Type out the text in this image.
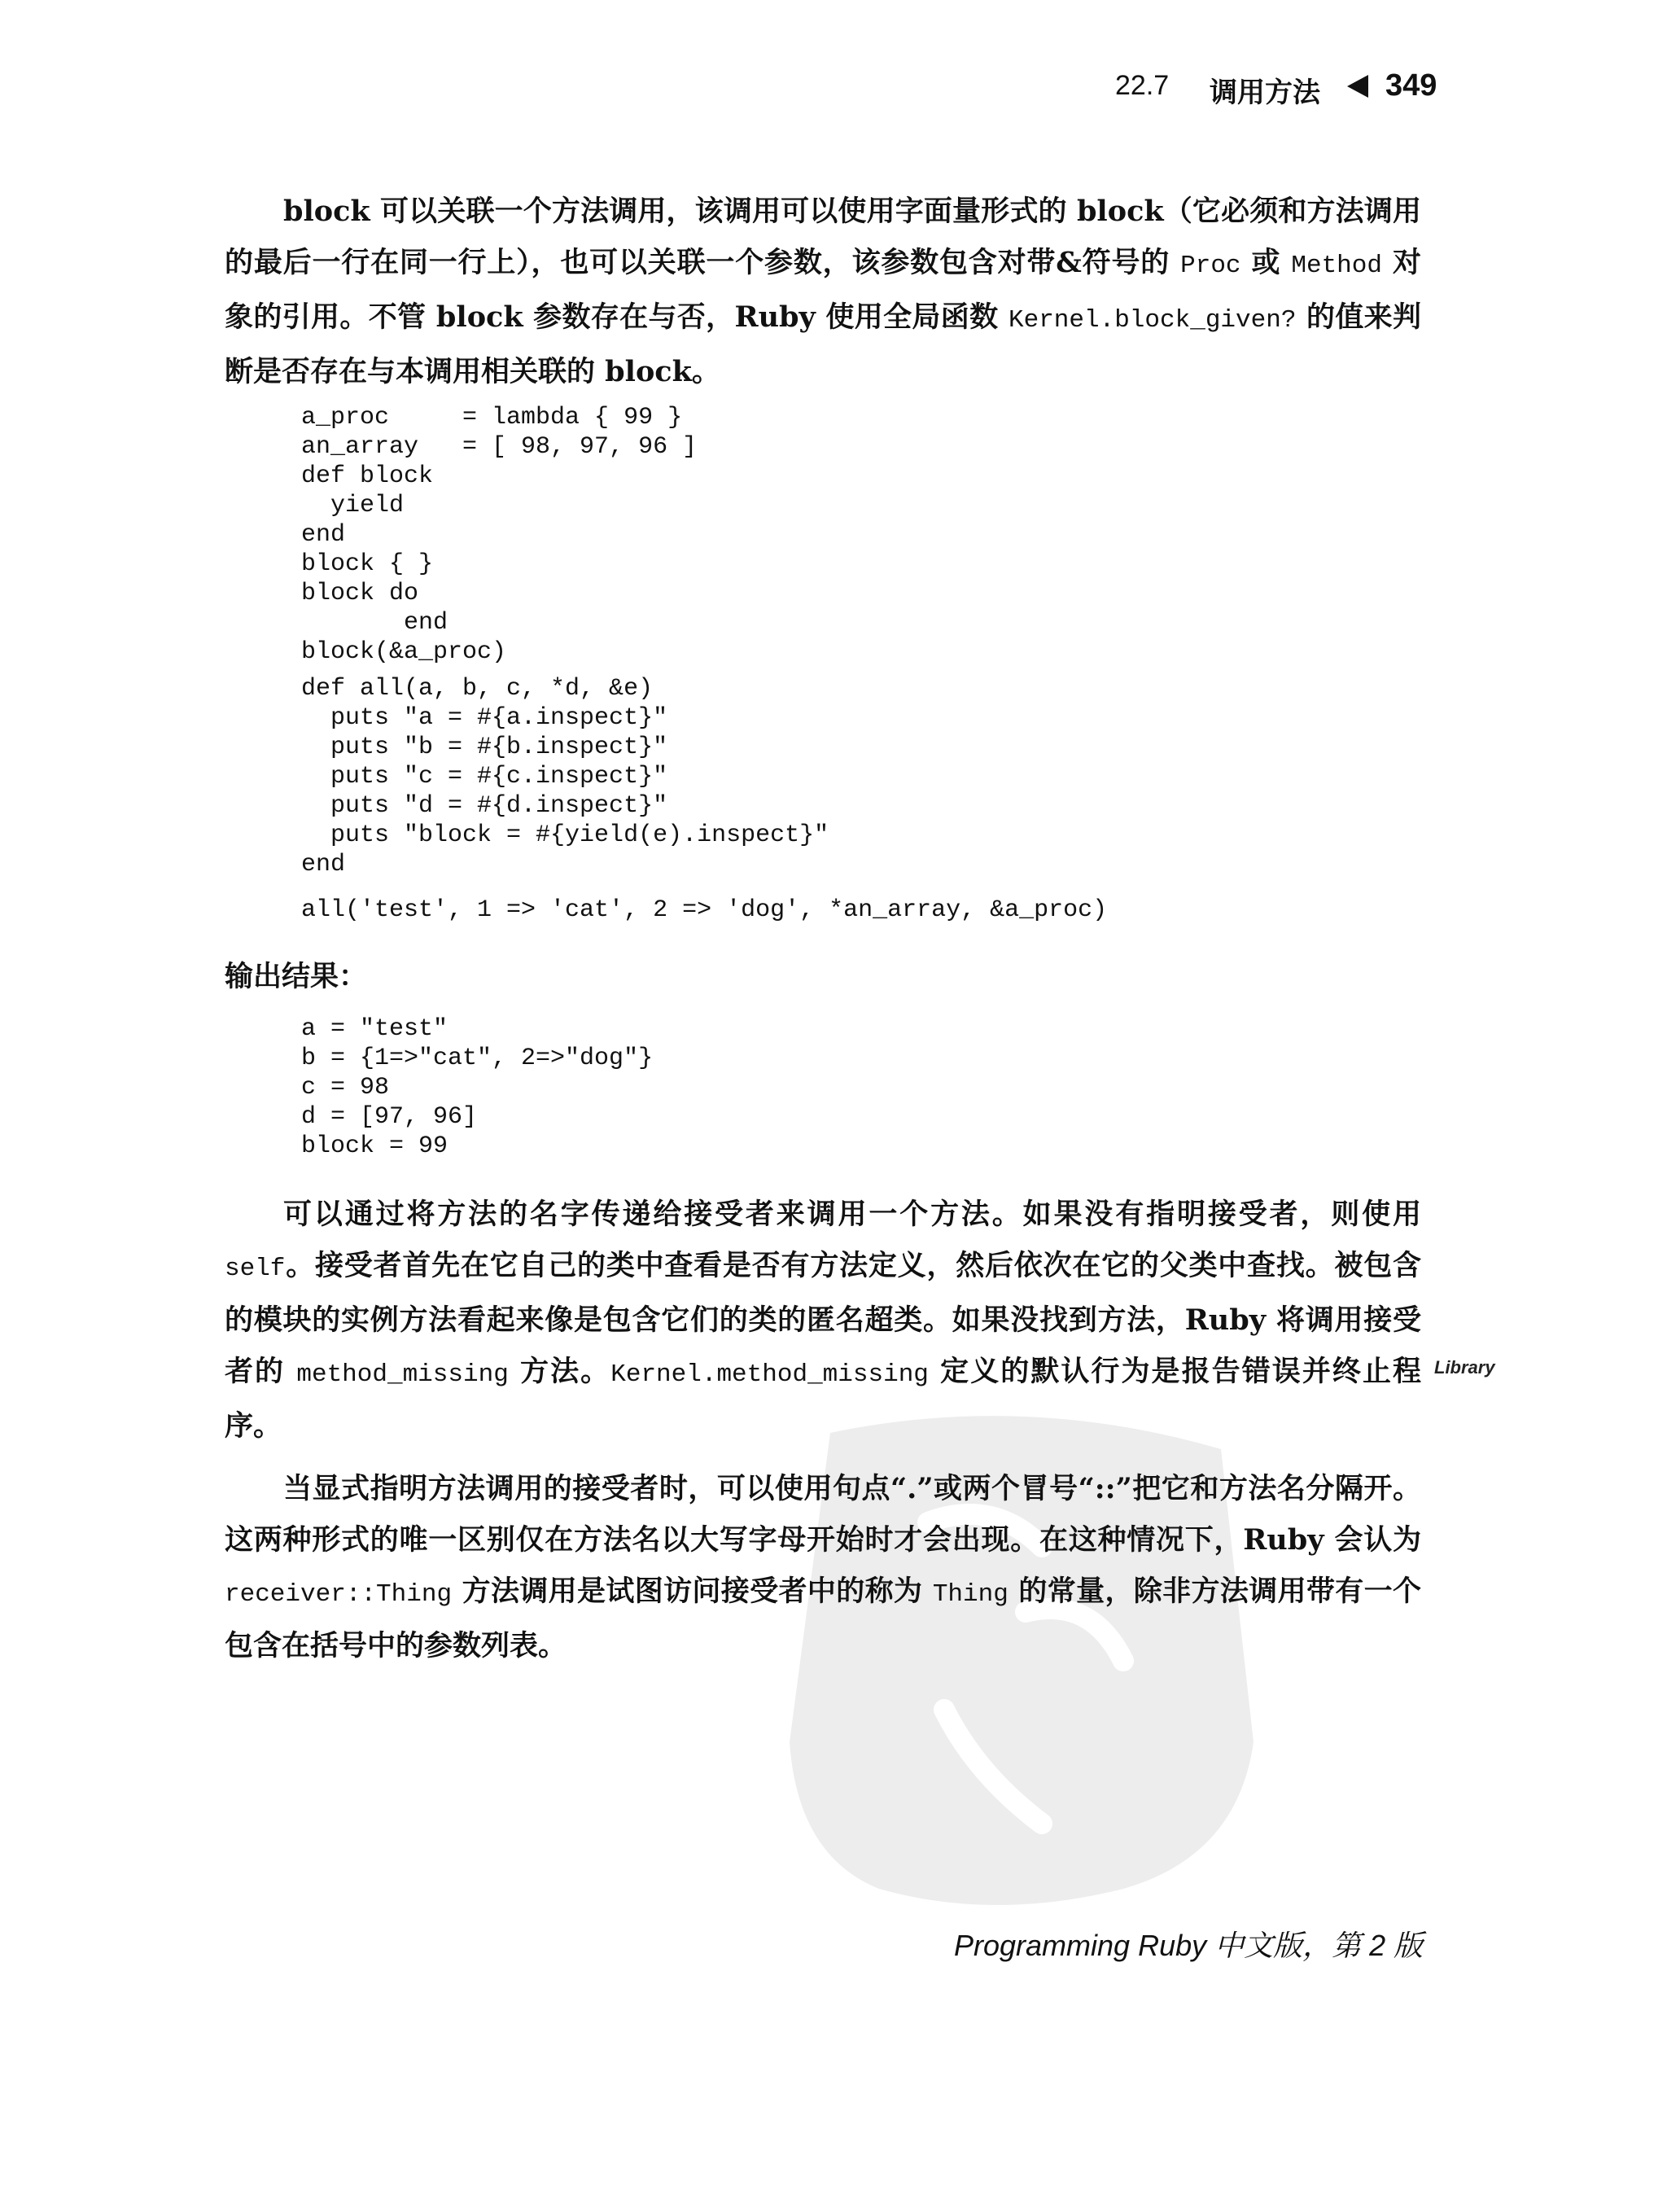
22.7 调用方法 349

block 可以关联一个方法调用，该调用可以使用字面量形式的 block（它必须和方法调用的最后一行在同一行上），也可以关联一个参数，该参数包含对带&符号的 Proc 或 Method 对象的引用。不管 block 参数存在与否，Ruby 使用全局函数 Kernel.block_given? 的值来判断是否存在与本调用相关联的 block。

a_proc     = lambda { 99 }
an_array   = [ 98, 97, 96 ]
def block
yield
end
block { }
block do
end
block(&a_proc)
def all(a, b, c, *d, &e)
puts "a = #{a.inspect}"
puts "b = #{b.inspect}"
puts "c = #{c.inspect}"
puts "d = #{d.inspect}"
puts "block = #{yield(e).inspect}"
end
all('test', 1 => 'cat', 2 => 'dog', *an_array, &a_proc)
输出结果：
a = "test"
b = {1=>"cat", 2=>"dog"}
c = 98
d = [97, 96]
block = 99

可以通过将方法的名字传递给接受者来调用一个方法。如果没有指明接受者，则使用 self。接受者首先在它自己的类中查看是否有方法定义，然后依次在它的父类中查找。被包含的模块的实例方法看起来像是包含它们的类的匿名超类。如果没找到方法，Ruby 将调用接受者的 method_missing 方法。Kernel.method_missing 定义的默认行为是报告错误并终止程序。

Library

当显式指明方法调用的接受者时，可以使用句点“.”或两个冒号“::”把它和方法名分隔开。这两种形式的唯一区别仅在方法名以大写字母开始时才会出现。在这种情况下，Ruby 会认为 receiver::Thing 方法调用是试图访问接受者中的称为 Thing 的常量，除非方法调用带有一个包含在括号中的参数列表。

Programming Ruby 中文版，第 2 版
